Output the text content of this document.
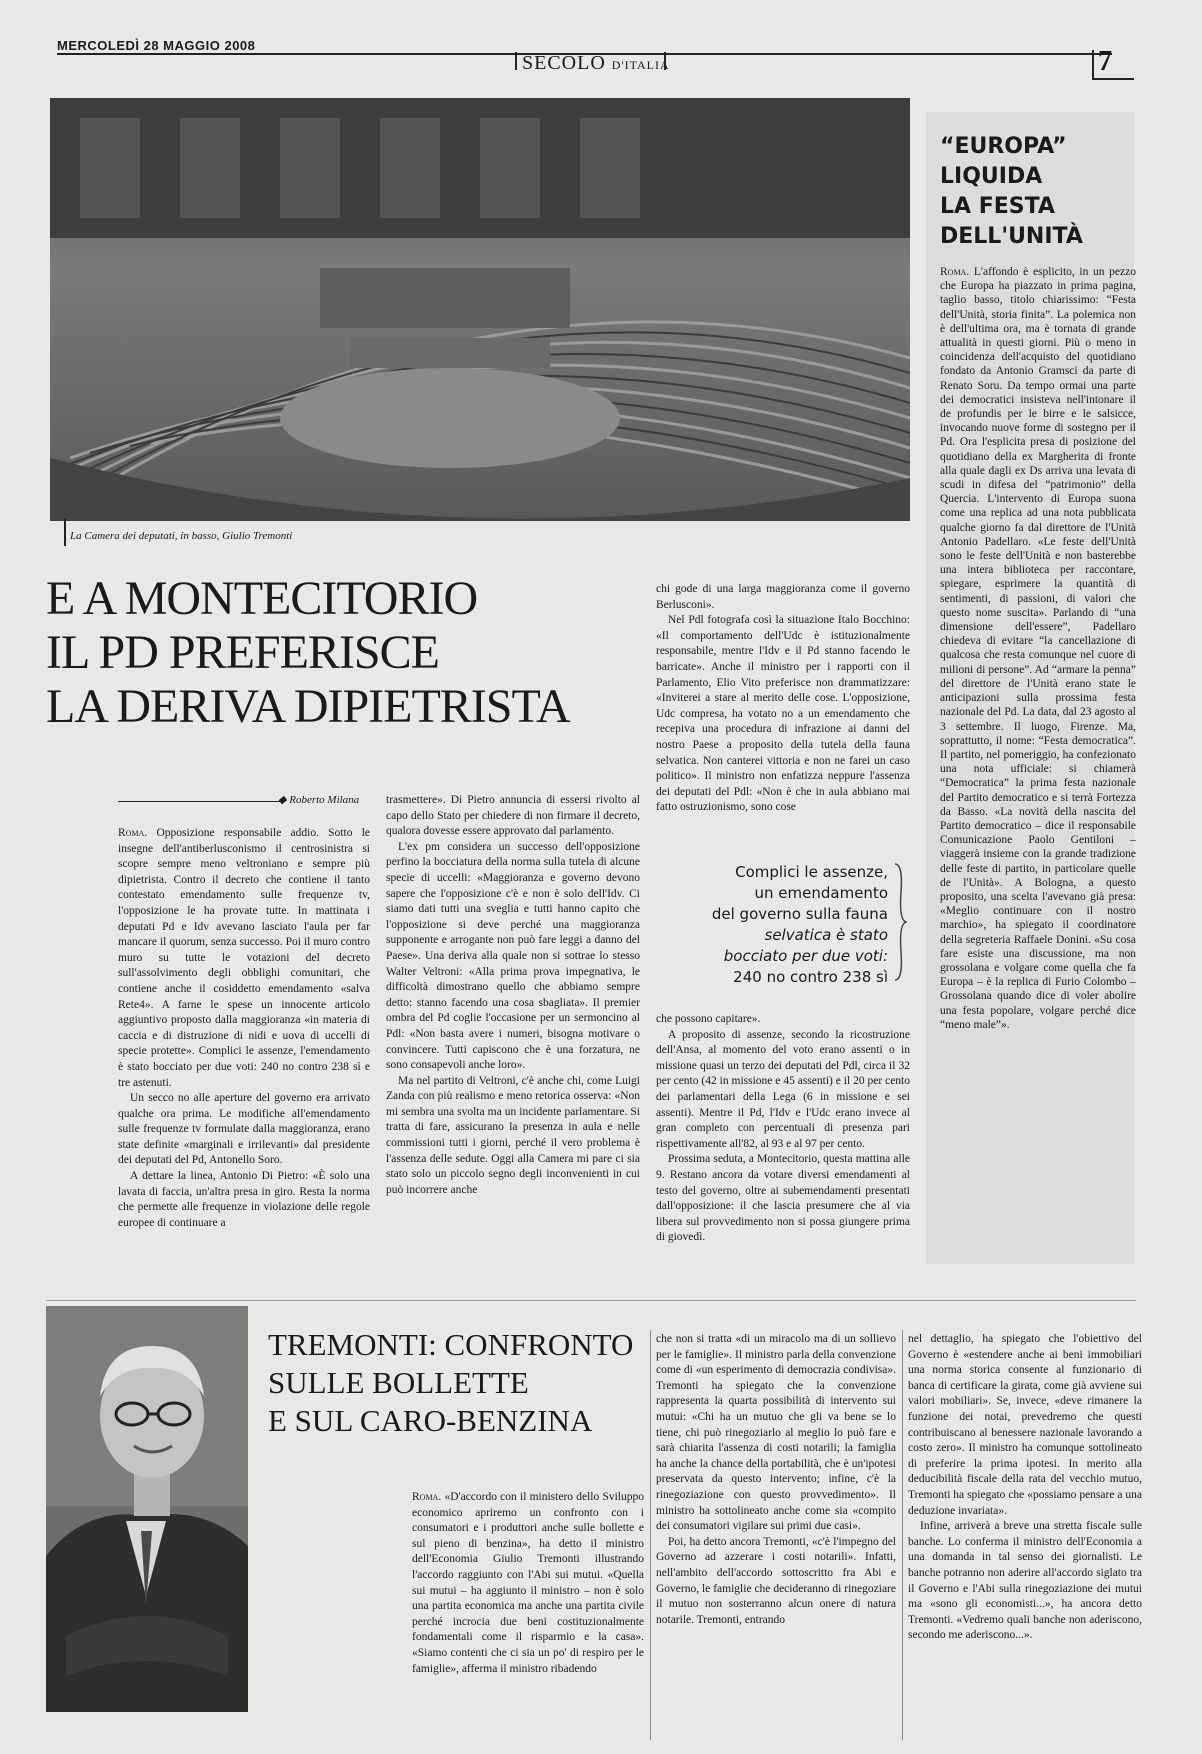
MERCOLEDÌ 28 MAGGIO 2008
SECOLO D'ITALIA	7
La Camera dei deputati, in basso, Giulio Tremonti
E A MONTECITORIO
IL PD PREFERISCE
LA DERIVA DIPIETRISTA
◆ Roberto Milana

Roma. Opposizione responsabile addio. Sotto le insegne dell'antiberlusconismo il centrosinistra si scopre sempre meno veltroniano e sempre più dipietrista. Contro il decreto che contiene il tanto contestato emendamento sulle frequenze tv, l'opposizione le ha provate tutte. In mattinata i deputati Pd e Idv avevano lasciato l'aula per far mancare il quorum, senza successo. Poi il muro contro muro su tutte le votazioni del decreto sull'assolvimento degli obblighi comunitari, che contiene anche il cosiddetto emendamento «salva Rete4». A farne le spese un innocente articolo aggiuntivo proposto dalla maggioranza «in materia di caccia e di distruzione di nidi e uova di uccelli di specie protette». Complici le assenze, l'emendamento è stato bocciato per due voti: 240 no contro 238 sì e tre astenuti.

Un secco no alle aperture del governo era arrivato qualche ora prima. Le modifiche all'emendamento sulle frequenze tv formulate dalla maggioranza, erano state definite «marginali e irrilevanti» dal presidente dei deputati del Pd, Antonello Soro.

A dettare la linea, Antonio Di Pietro: «È solo una lavata di faccia, un'altra presa in giro. Resta la norma che permette alle frequenze in violazione delle regole europee di continuare a

trasmettere». Di Pietro annuncia di essersi rivolto al capo dello Stato per chiedere di non firmare il decreto, qualora dovesse essere approvato dal parlamento.

L'ex pm considera un successo dell'opposizione perfino la bocciatura della norma sulla tutela di alcune specie di uccelli: «Maggioranza e governo devono sapere che l'opposizione c'è e non è solo dell'Idv. Ci siamo dati tutti una sveglia e tutti hanno capito che l'opposizione si deve perché una maggioranza supponente e arrogante non può fare leggi a danno del Paese». Una deriva alla quale non si sottrae lo stesso Walter Veltroni: «Alla prima prova impegnativa, le difficoltà dimostrano quello che abbiamo sempre detto: stanno facendo una cosa sbagliata». Il premier ombra del Pd coglie l'occasione per un sermoncino al Pdl: «Non basta avere i numeri, bisogna motivare o convincere. Tutti capiscono che è una forzatura, ne sono consapevoli anche loro».

Ma nel partito di Veltroni, c'è anche chi, come Luigi Zanda con più realismo e meno retorica osserva: «Non mi sembra una svolta ma un incidente parlamentare. Si tratta di fare, assicurano la presenza in aula e nelle commissioni tutti i giorni, perché il vero problema è l'assenza delle sedute. Oggi alla Camera mi pare ci sia stato solo un piccolo segno degli inconvenienti in cui può incorrere anche

chi gode di una larga maggioranza come il governo Berlusconi».

Nel Pdl fotografa così la situazione Italo Bocchino: «Il comportamento dell'Udc è istituzionalmente responsabile, mentre l'Idv e il Pd stanno facendo le barricate». Anche il ministro per i rapporti con il Parlamento, Elio Vito preferisce non drammatizzare: «Inviterei a stare al merito delle cose. L'opposizione, Udc compresa, ha votato no a un emendamento che recepiva una procedura di infrazione ai danni del nostro Paese a proposito della tutela della fauna selvatica. Non canterei vittoria e non ne farei un caso politico». Il ministro non enfatizza neppure l'assenza dei deputati del Pdl: «Non è che in aula abbiano mai fatto ostruzionismo, sono cose

Complici le assenze,
un emendamento
del governo sulla fauna
selvatica è stato
bocciato per due voti:
240 no contro 238 sì

che possono capitare».

A proposito di assenze, secondo la ricostruzione dell'Ansa, al momento del voto erano assenti o in missione quasi un terzo dei deputati del Pdl, circa il 32 per cento (42 in missione e 45 assenti) e il 20 per cento dei parlamentari della Lega (6 in missione e sei assenti). Mentre il Pd, l'Idv e l'Udc erano invece al gran completo con percentuali di presenza pari rispettivamente all'82, al 93 e al 97 per cento.

Prossima seduta, a Montecitorio, questa mattina alle 9. Restano ancora da votare diversi emendamenti al testo del governo, oltre ai subemendamenti presentati dall'opposizione: il che lascia presumere che al via libera sul provvedimento non si possa giungere prima di giovedì.

“EUROPA”
LIQUIDA
LA FESTA
DELL'UNITÀ
Roma. L'affondo è esplicito, in un pezzo che Europa ha piazzato in prima pagina, taglio basso, titolo chiarissimo: “Festa dell'Unità, storia finita”. La polemica non è dell'ultima ora, ma è tornata di grande attualità in questi giorni. Più o meno in coincidenza dell'acquisto del quotidiano fondato da Antonio Gramsci da parte di Renato Soru. Da tempo ormai una parte dei democratici insisteva nell'intonare il de profundis per le birre e le salsicce, invocando nuove forme di sostegno per il Pd. Ora l'esplicita presa di posizione del quotidiano della ex Margherita di fronte alla quale dagli ex Ds arriva una levata di scudi in difesa del “patrimonio” della Quercia. L'intervento di Europa suona come una replica ad una nota pubblicata qualche giorno fa dal direttore de l'Unità Antonio Padellaro. «Le feste dell'Unità sono le feste dell'Unità e non basterebbe una intera biblioteca per raccontare, spiegare, esprimere la quantità di sentimenti, di passioni, di valori che questo nome suscita». Parlando di “una dimensione dell'essere”, Padellaro chiedeva di evitare “la cancellazione di qualcosa che resta comunque nel cuore di milioni di persone”. Ad “armare la penna” del direttore de l'Unità erano state le anticipazioni sulla prossima festa nazionale del Pd. La data, dal 23 agosto al 3 settembre. Il luogo, Firenze. Ma, soprattutto, il nome: “Festa democratica”. Il partito, nel pomeriggio, ha confezionato una nota ufficiale: si chiamerà “Democratica” la prima festa nazionale del Partito democratico e si terrà Fortezza da Basso. «La novità della nascita del Partito democratico – dice il responsabile Comunicazione Paolo Gentiloni – viaggerà insieme con la grande tradizione delle feste di partito, in particolare quelle de l'Unità». A Bologna, a questo proposito, una scelta l'avevano già presa: «Meglio continuare con il nostro marchio», ha spiegato il coordinatore della segreteria Raffaele Donini. «Su cosa fare esiste una discussione, ma non grossolana e volgare come quella che fa Europa – è la replica di Furio Colombo – Grossolana quando dice di voler abolire una festa popolare, volgare perché dice “meno male”».
TREMONTI: CONFRONTO
SULLE BOLLETTE
E SUL CARO-BENZINA

Roma. «D'accordo con il ministero dello Sviluppo economico apriremo un confronto con i consumatori e i produttori anche sulle bollette e sul pieno di benzina», ha detto il ministro dell'Economia Giulio Tremonti illustrando l'accordo raggiunto con l'Abi sui mutui. «Quella sui mutui – ha aggiunto il ministro – non è solo una partita economica ma anche una partita civile perché incrocia due beni costituzionalmente fondamentali come il risparmio e la casa». «Siamo contenti che ci sia un po' di respiro per le famiglie», afferma il ministro ribadendo

che non si tratta «di un miracolo ma di un sollievo per le famiglie». Il ministro parla della convenzione come di «un esperimento di democrazia condivisa». Tremonti ha spiegato che la convenzione rappresenta la quarta possibilità di intervento sui mutui: «Chi ha un mutuo che gli va bene se lo tiene, chi può rinegoziarlo al meglio lo può fare e sarà chiarita l'assenza di costi notarili; la famiglia ha anche la chance della portabilità, che è un'ipotesi preservata da questo intervento; infine, c'è la rinegoziazione con questo provvedimento». Il ministro ha sottolineato anche come sia «compito dei consumatori vigilare sui primi due casi».

Poi, ha detto ancora Tremonti, «c'è l'impegno del Governo ad azzerare i costi notarili». Infatti, nell'ambito dell'accordo sottoscritto fra Abi e Governo, le famiglie che decideranno di rinegoziare il mutuo non sosterranno alcun onere di natura notarile. Tremonti, entrando

nel dettaglio, ha spiegato che l'obiettivo del Governo è «estendere anche ai beni immobiliari una norma storica consente al funzionario di banca di certificare la girata, come già avviene sui valori mobiliari». Se, invece, «deve rimanere la funzione dei notai, prevedremo che questi contribuiscano al benessere nazionale lavorando a costo zero». Il ministro ha comunque sottolineato di preferire la prima ipotesi. In merito alla deducibilità fiscale della rata del vecchio mutuo, Tremonti ha spiegato che «possiamo pensare a una deduzione invariata».

Infine, arriverà a breve una stretta fiscale sulle banche. Lo conferma il ministro dell'Economia a una domanda in tal senso dei giornalisti. Le banche potranno non aderire all'accordo siglato tra il Governo e l'Abi sulla rinegoziazione dei mutui ma «sono gli economisti...», ha ancora detto Tremonti. «Vedremo quali banche non aderiscono, secondo me aderiscono...».
